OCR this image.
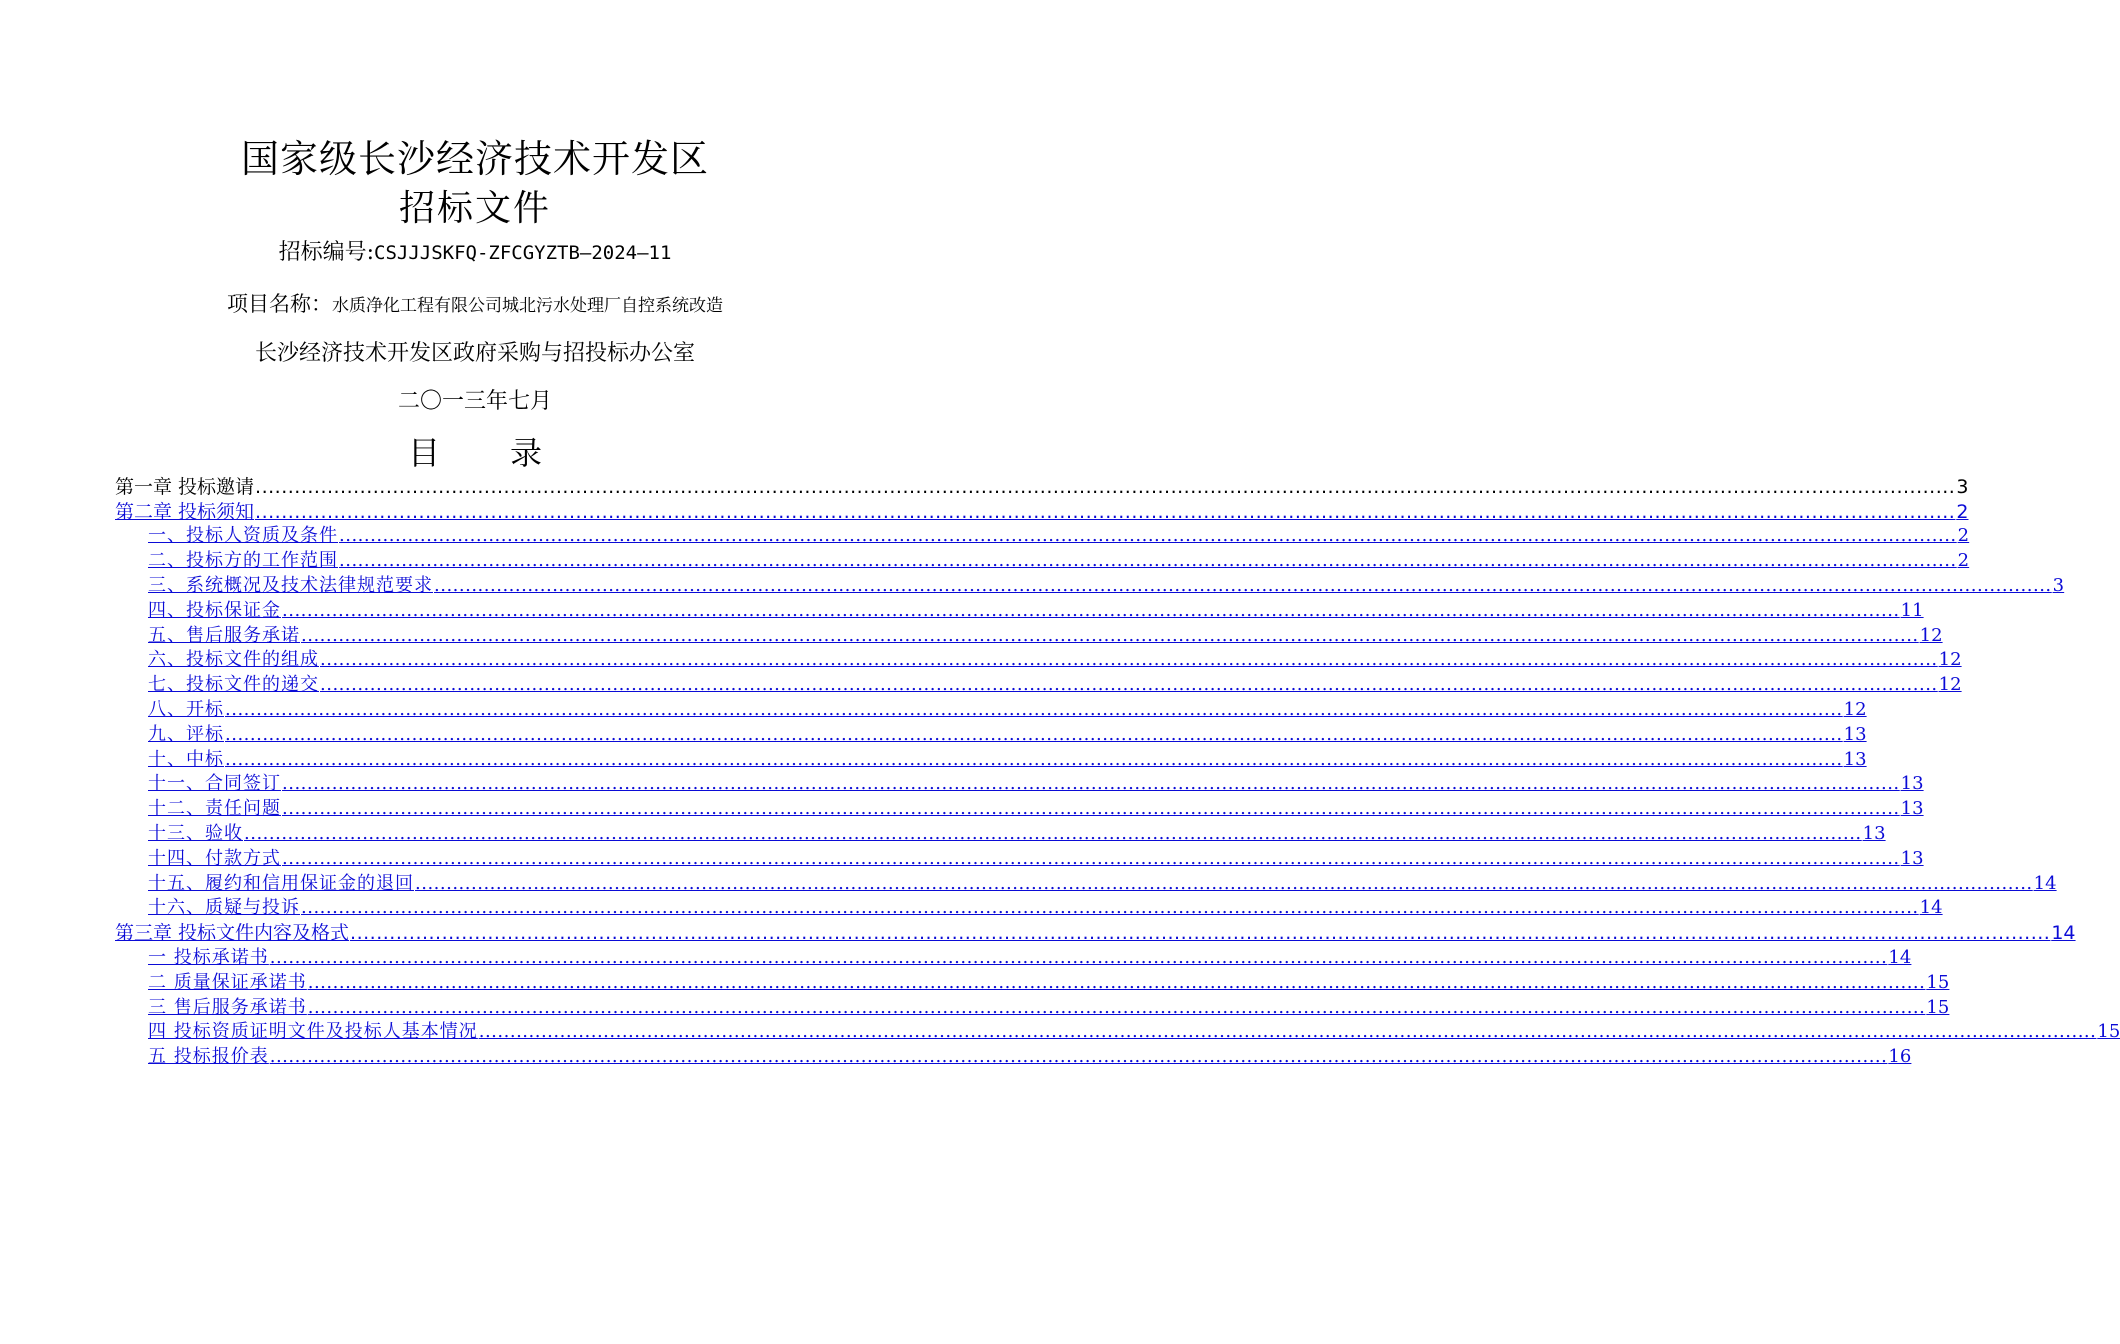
国家级长沙经济技术开发区
招标文件
招标编号:CSJJJSKFQ-ZFCGYZTB—2024—11
项目名称：水质净化工程有限公司城北污水处理厂自控系统改造
长沙经济技术开发区政府采购与招投标办公室
二〇一三年七月
目 录
第一章 投标邀请 .................................................................................................................................................................................................................................................................... 3
第二章 投标须知 .................................................................................................................................................................................................................................................................... 2
一、投标人资质及条件 .................................................................................................................................................................................................................................................................... 2
二、投标方的工作范围 .................................................................................................................................................................................................................................................................... 2
三、系统概况及技术法律规范要求 .................................................................................................................................................................................................................................................................... 3
四、投标保证金 .................................................................................................................................................................................................................................................................... 11
五、售后服务承诺 .................................................................................................................................................................................................................................................................... 12
六、投标文件的组成 .................................................................................................................................................................................................................................................................... 12
七、投标文件的递交 .................................................................................................................................................................................................................................................................... 12
八、开标 .................................................................................................................................................................................................................................................................... 12
九、评标 .................................................................................................................................................................................................................................................................... 13
十、中标 .................................................................................................................................................................................................................................................................... 13
十一、合同签订 .................................................................................................................................................................................................................................................................... 13
十二、责任问题 .................................................................................................................................................................................................................................................................... 13
十三、验收 .................................................................................................................................................................................................................................................................... 13
十四、付款方式 .................................................................................................................................................................................................................................................................... 13
十五、履约和信用保证金的退回 .................................................................................................................................................................................................................................................................... 14
十六、质疑与投诉 .................................................................................................................................................................................................................................................................... 14
第三章 投标文件内容及格式 .................................................................................................................................................................................................................................................................... 14
一 投标承诺书 .................................................................................................................................................................................................................................................................... 14
二 质量保证承诺书 .................................................................................................................................................................................................................................................................... 15
三 售后服务承诺书 .................................................................................................................................................................................................................................................................... 15
四 投标资质证明文件及投标人基本情况 .................................................................................................................................................................................................................................................................... 15
五 投标报价表 .................................................................................................................................................................................................................................................................... 16
